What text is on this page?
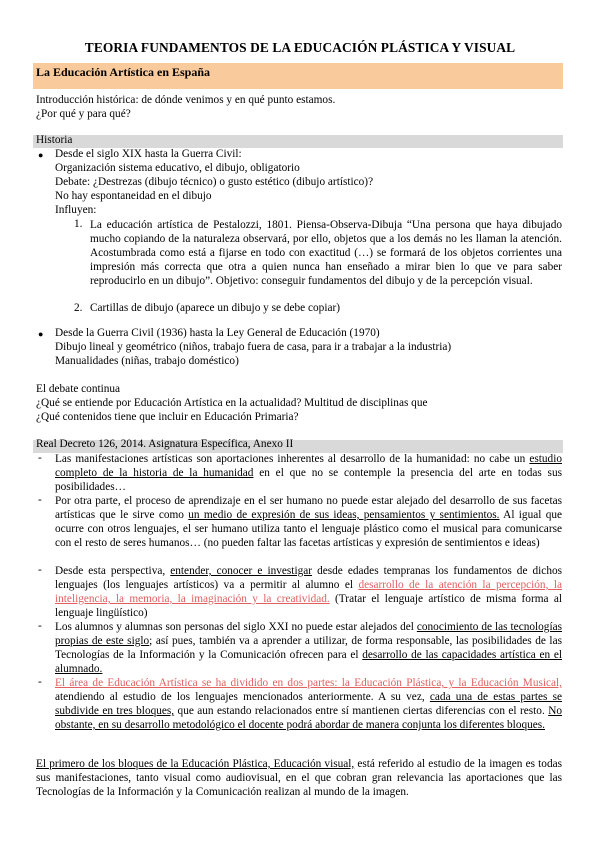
TEORIA FUNDAMENTOS DE LA EDUCACIÓN PLÁSTICA Y VISUAL
La Educación Artística en España
Introducción histórica: de dónde venimos y en qué punto estamos.
¿Por qué y para qué?
Historia
● Desde el siglo XIX hasta la Guerra Civil:
Organización sistema educativo, el dibujo, obligatorio
Debate: ¿Destrezas (dibujo técnico) o gusto estético (dibujo artístico)?
No hay espontaneidad en el dibujo
Influyen:
1. La educación artística de Pestalozzi, 1801. Piensa-Observa-Dibuja “Una persona que haya dibujado mucho copiando de la naturaleza observará, por ello, objetos que a los demás no les llaman la atención. Acostumbrada como está a fijarse en todo con exactitud (…) se formará de los objetos corrientes una impresión más correcta que otra a quien nunca han enseñado a mirar bien lo que ve para saber reproducirlo en un dibujo”. Objetivo: conseguir fundamentos del dibujo y de la percepción visual.
2. Cartillas de dibujo (aparece un dibujo y se debe copiar)
● Desde la Guerra Civil (1936) hasta la Ley General de Educación (1970)
Dibujo lineal y geométrico (niños, trabajo fuera de casa, para ir a trabajar a la industria)
Manualidades (niñas, trabajo doméstico)
El debate continua
¿Qué se entiende por Educación Artística en la actualidad? Multitud de disciplinas que
¿Qué contenidos tiene que incluir en Educación Primaria?
Real Decreto 126, 2014. Asignatura Específica, Anexo II
- Las manifestaciones artísticas son aportaciones inherentes al desarrollo de la humanidad: no cabe un estudio completo de la historia de la humanidad en el que no se contemple la presencia del arte en todas sus posibilidades…
- Por otra parte, el proceso de aprendizaje en el ser humano no puede estar alejado del desarrollo de sus facetas artísticas que le sirve como un medio de expresión de sus ideas, pensamientos y sentimientos. Al igual que ocurre con otros lenguajes, el ser humano utiliza tanto el lenguaje plástico como el musical para comunicarse con el resto de seres humanos… (no pueden faltar las facetas artísticas y expresión de sentimientos e ideas)
- Desde esta perspectiva, entender, conocer e investigar desde edades tempranas los fundamentos de dichos lenguajes (los lenguajes artísticos) va a permitir al alumno el desarrollo de la atención la percepción, la inteligencia, la memoria, la imaginación y la creatividad. (Tratar el lenguaje artístico de misma forma al lenguaje lingüístico)
- Los alumnos y alumnas son personas del siglo XXI no puede estar alejados del conocimiento de las tecnologías propias de este siglo; así pues, también va a aprender a utilizar, de forma responsable, las posibilidades de las Tecnologías de la Información y la Comunicación ofrecen para el desarrollo de las capacidades artística en el alumnado.
- El área de Educación Artística se ha dividido en dos partes: la Educación Plástica, y la Educación Musical, atendiendo al estudio de los lenguajes mencionados anteriormente. A su vez, cada una de estas partes se subdivide en tres bloques, que aun estando relacionados entre sí mantienen ciertas diferencias con el resto. No obstante, en su desarrollo metodológico el docente podrá abordar de manera conjunta los diferentes bloques.
El primero de los bloques de la Educación Plástica, Educación visual, está referido al estudio de la imagen es todas sus manifestaciones, tanto visual como audiovisual, en el que cobran gran relevancia las aportaciones que las Tecnologías de la Información y la Comunicación realizan al mundo de la imagen.
